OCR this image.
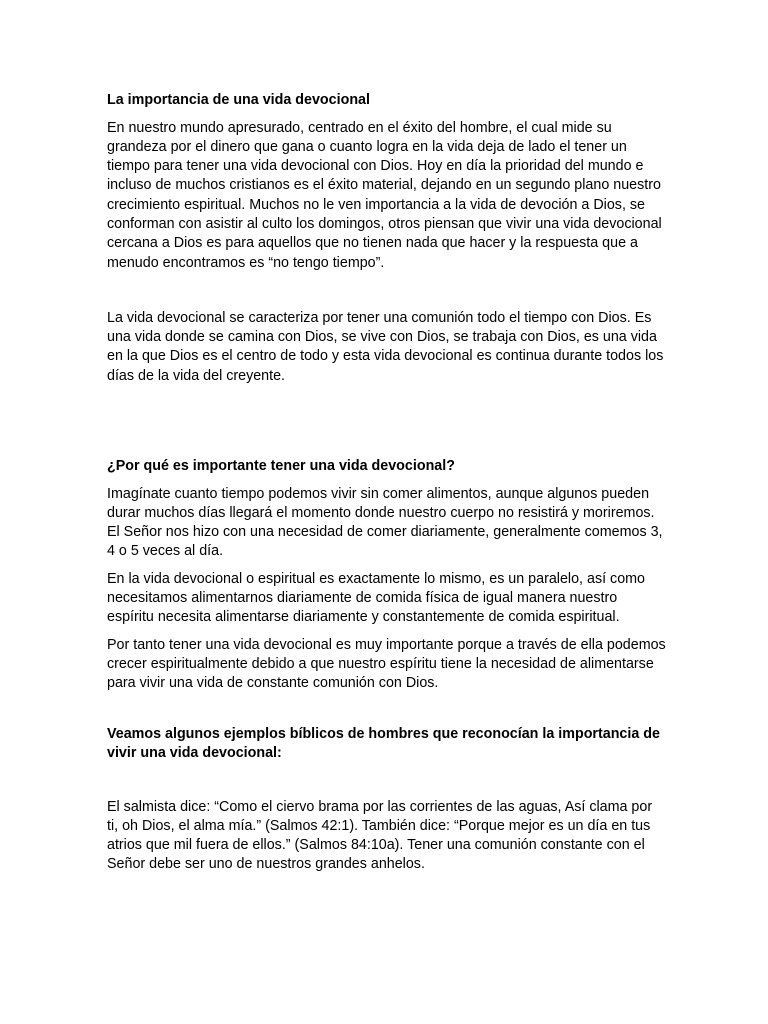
La importancia de una vida devocional

En nuestro mundo apresurado, centrado en el éxito del hombre, el cual mide su grandeza por el dinero que gana o cuanto logra en la vida deja de lado el tener un tiempo para tener una vida devocional con Dios. Hoy en día la prioridad del mundo e incluso de muchos cristianos es el éxito material, dejando en un segundo plano nuestro crecimiento espiritual. Muchos no le ven importancia a la vida de devoción a Dios, se conforman con asistir al culto los domingos, otros piensan que vivir una vida devocional cercana a Dios es para aquellos que no tienen nada que hacer y la respuesta que a menudo encontramos es “no tengo tiempo”.

La vida devocional se caracteriza por tener una comunión todo el tiempo con Dios. Es una vida donde se camina con Dios, se vive con Dios, se trabaja con Dios, es una vida en la que Dios es el centro de todo y esta vida devocional es continua durante todos los días de la vida del creyente.

¿Por qué es importante tener una vida devocional?

Imagínate cuanto tiempo podemos vivir sin comer alimentos, aunque algunos pueden durar muchos días llegará el momento donde nuestro cuerpo no resistirá y moriremos. El Señor nos hizo con una necesidad de comer diariamente, generalmente comemos 3, 4 o 5 veces al día.

En la vida devocional o espiritual es exactamente lo mismo, es un paralelo, así como necesitamos alimentarnos diariamente de comida física de igual manera nuestro espíritu necesita alimentarse diariamente y constantemente de comida espiritual.

Por tanto tener una vida devocional es muy importante porque a través de ella podemos crecer espiritualmente debido a que nuestro espíritu tiene la necesidad de alimentarse para vivir una vida de constante comunión con Dios.

Veamos algunos ejemplos bíblicos de hombres que reconocían la importancia de vivir una vida devocional:

El salmista dice: “Como el ciervo brama por las corrientes de las aguas, Así clama por ti, oh Dios, el alma mía.” (Salmos 42:1). También dice: “Porque mejor es un día en tus atrios que mil fuera de ellos.” (Salmos 84:10a). Tener una comunión constante con el Señor debe ser uno de nuestros grandes anhelos.
